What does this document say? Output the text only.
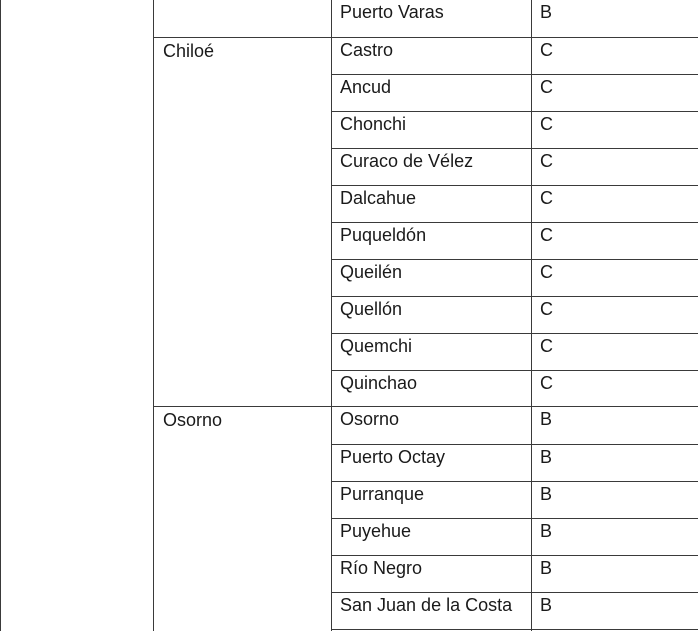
Puerto Varas	B
Chiloé	Castro	C
Ancud	C
Chonchi	C
Curaco de Vélez	C
Dalcahue	C
Puqueldón	C
Queilén	C
Quellón	C
Quemchi	C
Quinchao	C
Osorno	Osorno	B
Puerto Octay	B
Purranque	B
Puyehue	B
Río Negro	B
San Juan de la Costa B
